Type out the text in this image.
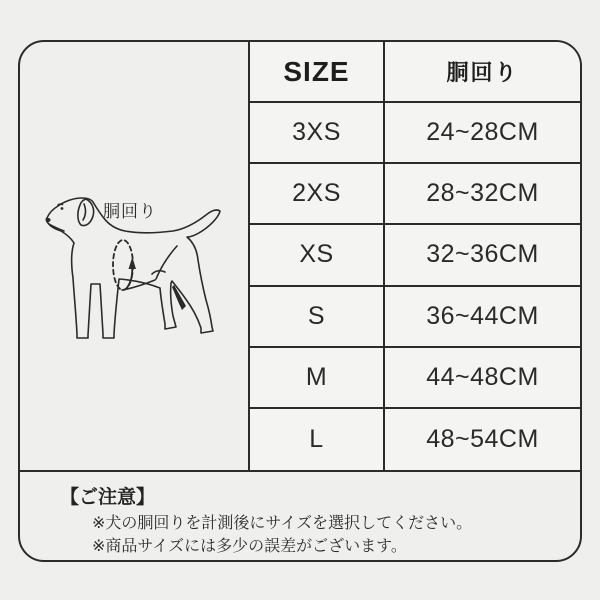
胴回り
SIZE	胴回り
3XS	24~28CM
2XS	28~32CM
XS	32~36CM
S	36~44CM
M	44~48CM
L	48~54CM
【ご注意】
※犬の胴回りを計測後にサイズを選択してください。
※商品サイズには多少の誤差がございます。
